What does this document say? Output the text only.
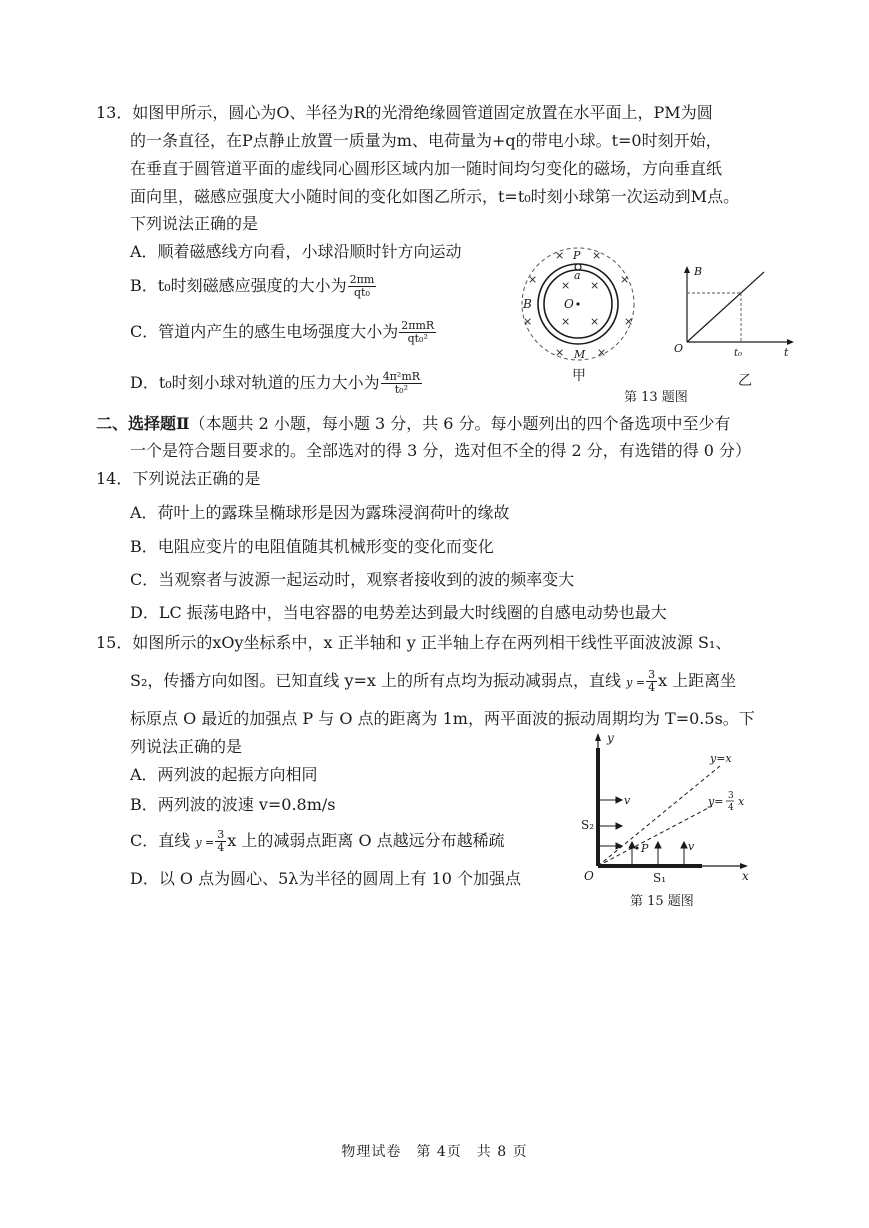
13．如图甲所示，圆心为O、半径为R的光滑绝缘圆管道固定放置在水平面上，PM为圆
的一条直径，在P点静止放置一质量为m、电荷量为+q的带电小球。t=0时刻开始，
在垂直于圆管道平面的虚线同心圆形区域内加一随时间均匀变化的磁场，方向垂直纸
面向里，磁感应强度大小随时间的变化如图乙所示，t=t₀时刻小球第一次运动到M点。
下列说法正确的是
A．顺着磁感线方向看，小球沿顺时针方向运动
B．t₀时刻磁感应强度的大小为 $\frac{2\pi m}{\text{qt₀}}$
C．管道内产生的感生电场强度大小为 $\frac{\text{2πmR}}{\text{qt₀²}}$
D．t₀时刻小球对轨道的压力大小为 $\frac{\text{4π²mR}}{\text{t₀²}}$
P
a
O
B
M
×	×
×	×
×	×
× ×
× ×
×	×
甲
B
O	t₀	t
第 13 题图
乙
二、选择题Ⅱ（本题共 2 小题，每小题 3 分，共 6 分。每小题列出的四个备选项中至少有
一个是符合题目要求的。全部选对的得 3 分，选对但不全的得 2 分，有选错的得 0 分）
14．下列说法正确的是
A．荷叶上的露珠呈椭球形是因为露珠浸润荷叶的缘故
B．电阻应变片的电阻值随其机械形变的变化而变化
C．当观察者与波源一起运动时，观察者接收到的波的频率变大
D．LC 振荡电路中，当电容器的电势差达到最大时线圈的自感电动势也最大
15．如图所示的xOy坐标系中，x 正半轴和 y 正半轴上存在两列相干线性平面波波源 S₁、
S₂，传播方向如图。已知直线 y=x 上的所有点均为振动减弱点，直线 $y = \frac{3}{4}$ x 上距离坐
标原点 O 最近的加强点 P 与 O 点的距离为 1m，两平面波的振动周期均为 T=0.5s。下
列说法正确的是
A．两列波的起振方向相同
B．两列波的波速 v=0.8m/s
C．直线 $y = \frac{3}{4}$ x 上的减弱点距离 O 点越远分布越稀疏
D．以 O 点为圆心、5λ为半径的圆周上有 10 个加强点
y
x
O	S₁
S₂
v
v
P
y=x
y= 3
4 x
第 15 题图
物理试卷　第 4页　共 8 页
